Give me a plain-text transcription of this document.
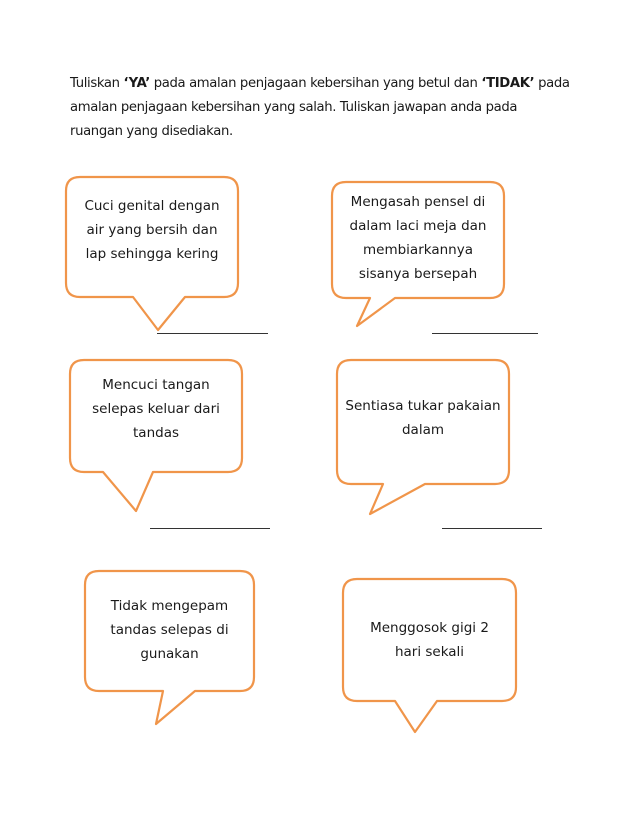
Tuliskan ‘YA’ pada amalan penjagaan kebersihan yang betul dan ‘TIDAK’ pada amalan penjagaan kebersihan yang salah. Tuliskan jawapan anda pada ruangan yang disediakan.

Cuci genital dengan
air yang bersih dan
lap sehingga kering
Mengasah pensel di
dalam laci meja dan
membiarkannya
sisanya bersepah
Mencuci tangan
selepas keluar dari
tandas
Sentiasa tukar pakaian
dalam
Tidak mengepam
tandas selepas di
gunakan
Menggosok gigi 2
hari sekali
